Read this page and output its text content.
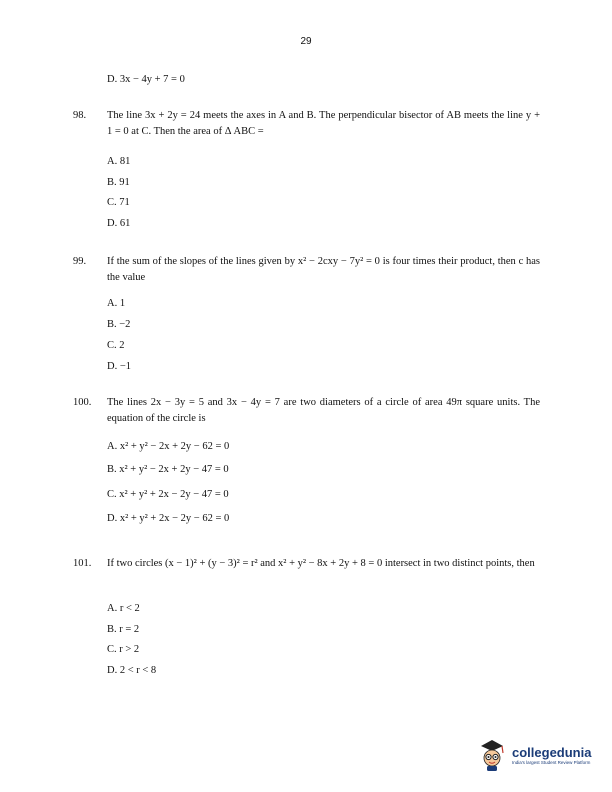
29
D. 3x − 4y + 7 = 0
98. The line 3x + 2y = 24 meets the axes in A and B. The perpendicular bisector of AB meets the line y + 1 = 0 at C. Then the area of Δ ABC =
A. 81
B. 91
C. 71
D. 61
99. If the sum of the slopes of the lines given by x² − 2cxy − 7y² = 0 is four times their product, then c has the value
A. 1
B. −2
C. 2
D. −1
100. The lines 2x − 3y = 5 and 3x − 4y = 7 are two diameters of a circle of area 49π square units. The equation of the circle is
A. x² + y² − 2x + 2y − 62 = 0
B. x² + y² − 2x + 2y − 47 = 0
C. x² + y² + 2x − 2y − 47 = 0
D. x² + y² + 2x − 2y − 62 = 0
101. If two circles (x − 1)² + (y − 3)² = r² and x² + y² − 8x + 2y + 8 = 0 intersect in two distinct points, then
A. r < 2
B. r = 2
C. r > 2
D. 2 < r < 8
collegedunia
India's largest Student Review Platform
